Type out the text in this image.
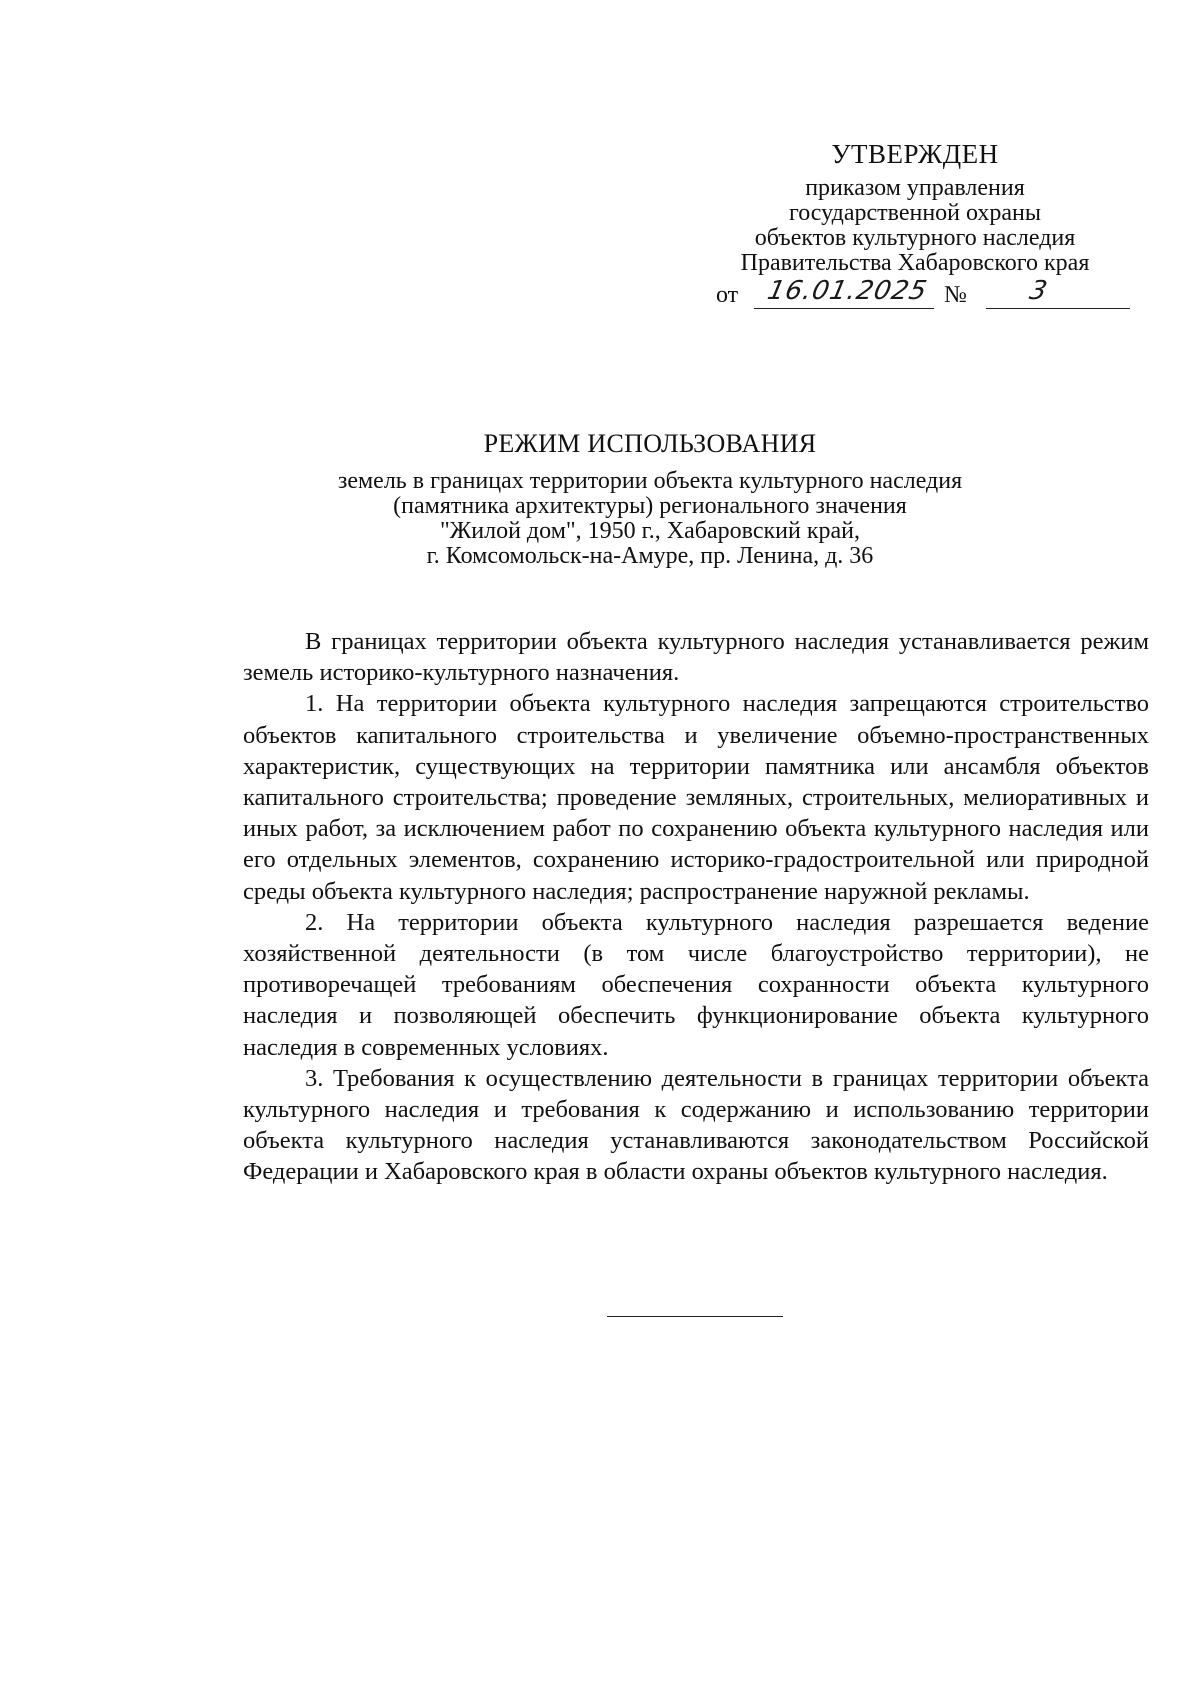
УТВЕРЖДЕН
приказом управления
государственной охраны
объектов культурного наследия
Правительства Хабаровского края
от 16.01.2025 № 3
РЕЖИМ ИСПОЛЬЗОВАНИЯ
земель в границах территории объекта культурного наследия
(памятника архитектуры) регионального значения
"Жилой дом", 1950 г., Хабаровский край,
г. Комсомольск-на-Амуре, пр. Ленина, д. 36

В границах территории объекта культурного наследия устанавливается режим земель историко-культурного назначения.

1. На территории объекта культурного наследия запрещаются строительство объектов капитального строительства и увеличение объемно-пространственных характеристик, существующих на территории памятника или ансамбля объектов капитального строительства; проведение земляных, строительных, мелиоративных и иных работ, за исключением работ по сохранению объекта культурного наследия или его отдельных элементов, сохранению историко-градостроительной или природной среды объекта культурного наследия; распространение наружной рекламы.

2. На территории объекта культурного наследия разрешается ведение хозяйственной деятельности (в том числе благоустройство территории), не противоречащей требованиям обеспечения сохранности объекта культурного наследия и позволяющей обеспечить функционирование объекта культурного наследия в современных условиях.

3. Требования к осуществлению деятельности в границах территории объекта культурного наследия и требования к содержанию и использованию территории объекта культурного наследия устанавливаются законодательством Российской Федерации и Хабаровского края в области охраны объектов культурного наследия.
